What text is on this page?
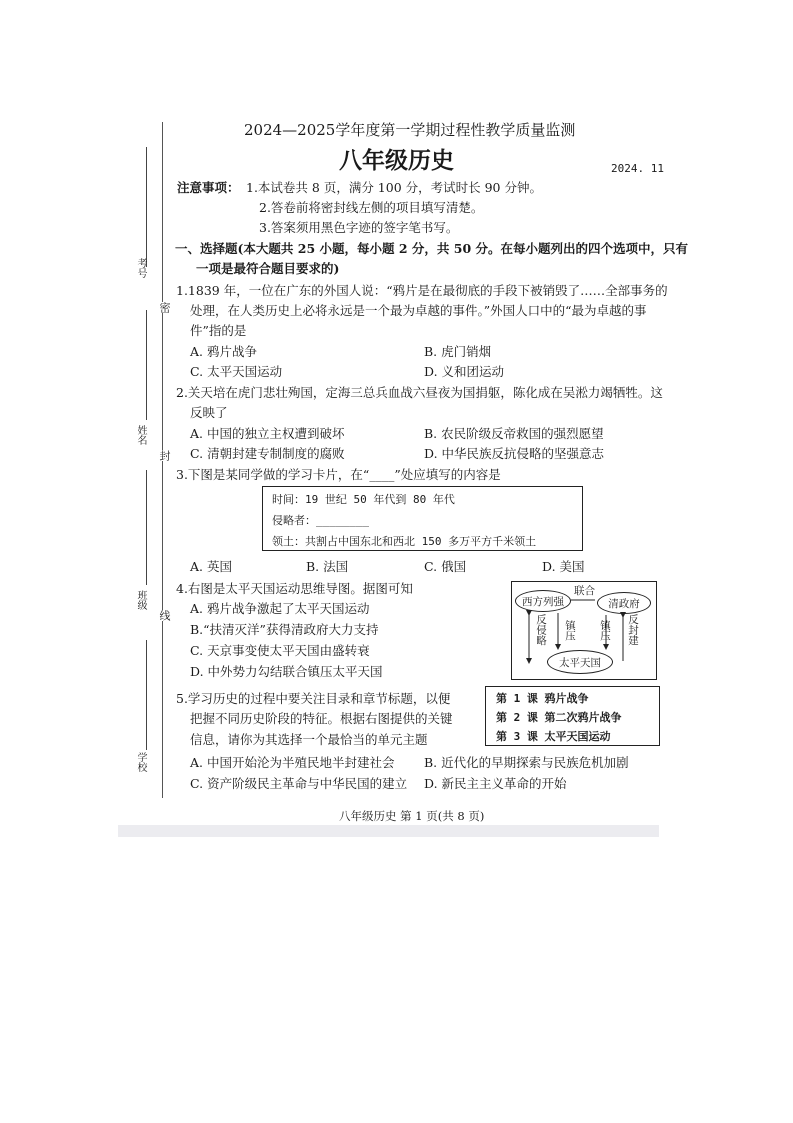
考号
密
姓名
封
班级
线
学校
2024—2025学年度第一学期过程性教学质量监测
八年级历史	2024. 11
注意事项： 1.本试卷共 8 页，满分 100 分，考试时长 90 分钟。
2.答卷前将密封线左侧的项目填写清楚。
3.答案须用黑色字迹的签字笔书写。
一、选择题(本大题共 25 小题，每小题 2 分，共 50 分。在每小题列出的四个选项中，只有
一项是最符合题目要求的)
1.1839 年，一位在广东的外国人说：“鸦片是在最彻底的手段下被销毁了……全部事务的
处理，在人类历史上必将永远是一个最为卓越的事件。”外国人口中的“最为卓越的事
件”指的是
A. 鸦片战争	B. 虎门销烟
C. 太平天国运动	D. 义和团运动
2.关天培在虎门悲壮殉国，定海三总兵血战六昼夜为国捐躯，陈化成在吴淞力竭牺牲。这
反映了
A. 中国的独立主权遭到破坏	B. 农民阶级反帝救国的强烈愿望
C. 清朝封建专制制度的腐败	D. 中华民族反抗侵略的坚强意志
3.下图是某同学做的学习卡片，在“____”处应填写的内容是
时间：19 世纪 50 年代到 80 年代
侵略者：________
领土：共割占中国东北和西北 150 多万平方千米领土
A. 英国	B. 法国	C. 俄国	D. 美国
4.右图是太平天国运动思维导图。据图可知
A. 鸦片战争激起了太平天国运动
B.“扶清灭洋”获得清政府大力支持
C. 天京事变使太平天国由盛转衰
D. 中外势力勾结联合镇压太平天国
西方列强	清政府
联合
太平天国
反侵略 镇压 镇压 反封建
5.学习历史的过程中要关注目录和章节标题，以便
把握不同历史阶段的特征。根据右图提供的关键
信息，请你为其选择一个最恰当的单元主题
第 1 课 鸦片战争
第 2 课 第二次鸦片战争
第 3 课 太平天国运动
A. 中国开始沦为半殖民地半封建社会 B. 近代化的早期探索与民族危机加剧
C. 资产阶级民主革命与中华民国的建立 D. 新民主主义革命的开始
八年级历史 第 1 页(共 8 页)
